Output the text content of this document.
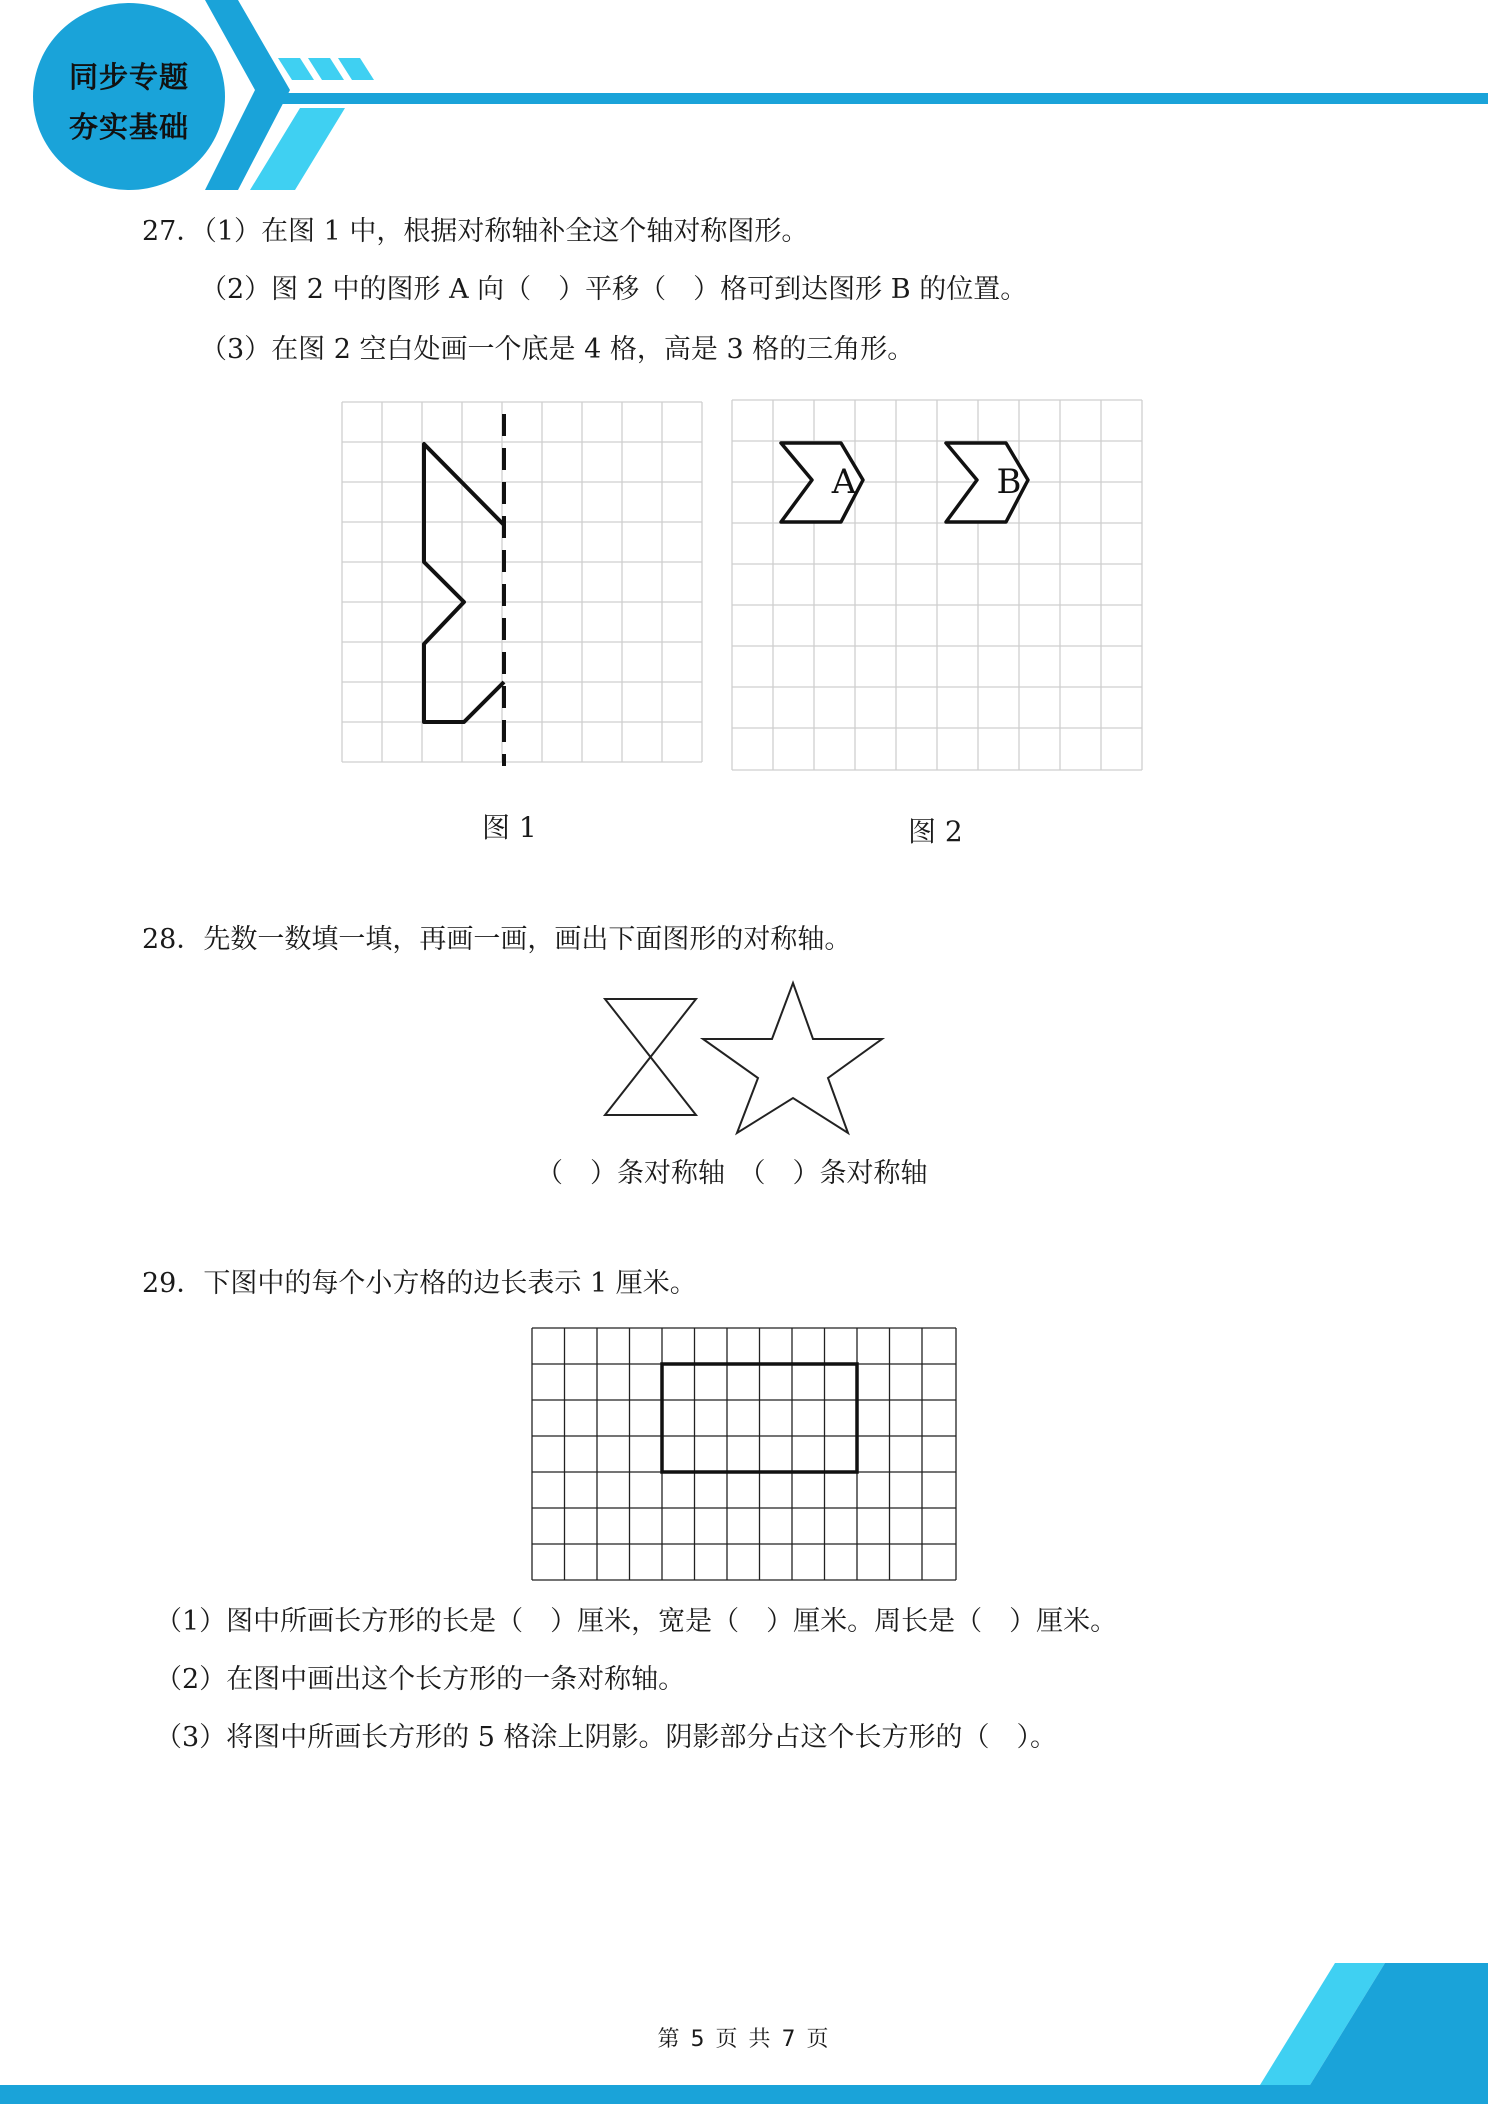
同步专题
夯实基础
27．（1）在图 1 中，根据对称轴补全这个轴对称图形。
（2）图 2 中的图形 A 向（　）平移（　）格可到达图形 B 的位置。
（3）在图 2 空白处画一个底是 4 格，高是 3 格的三角形。
图 1
A	B
图 2
28．先数一数填一填，再画一画，画出下面图形的对称轴。
（　）条对称轴　（　）条对称轴
29．下图中的每个小方格的边长表示 1 厘米。
（1）图中所画长方形的长是（　）厘米，宽是（　）厘米。周长是（　）厘米。
（2）在图中画出这个长方形的一条对称轴。
（3）将图中所画长方形的 5 格涂上阴影。阴影部分占这个长方形的（　）。
第 5 页 共 7 页
